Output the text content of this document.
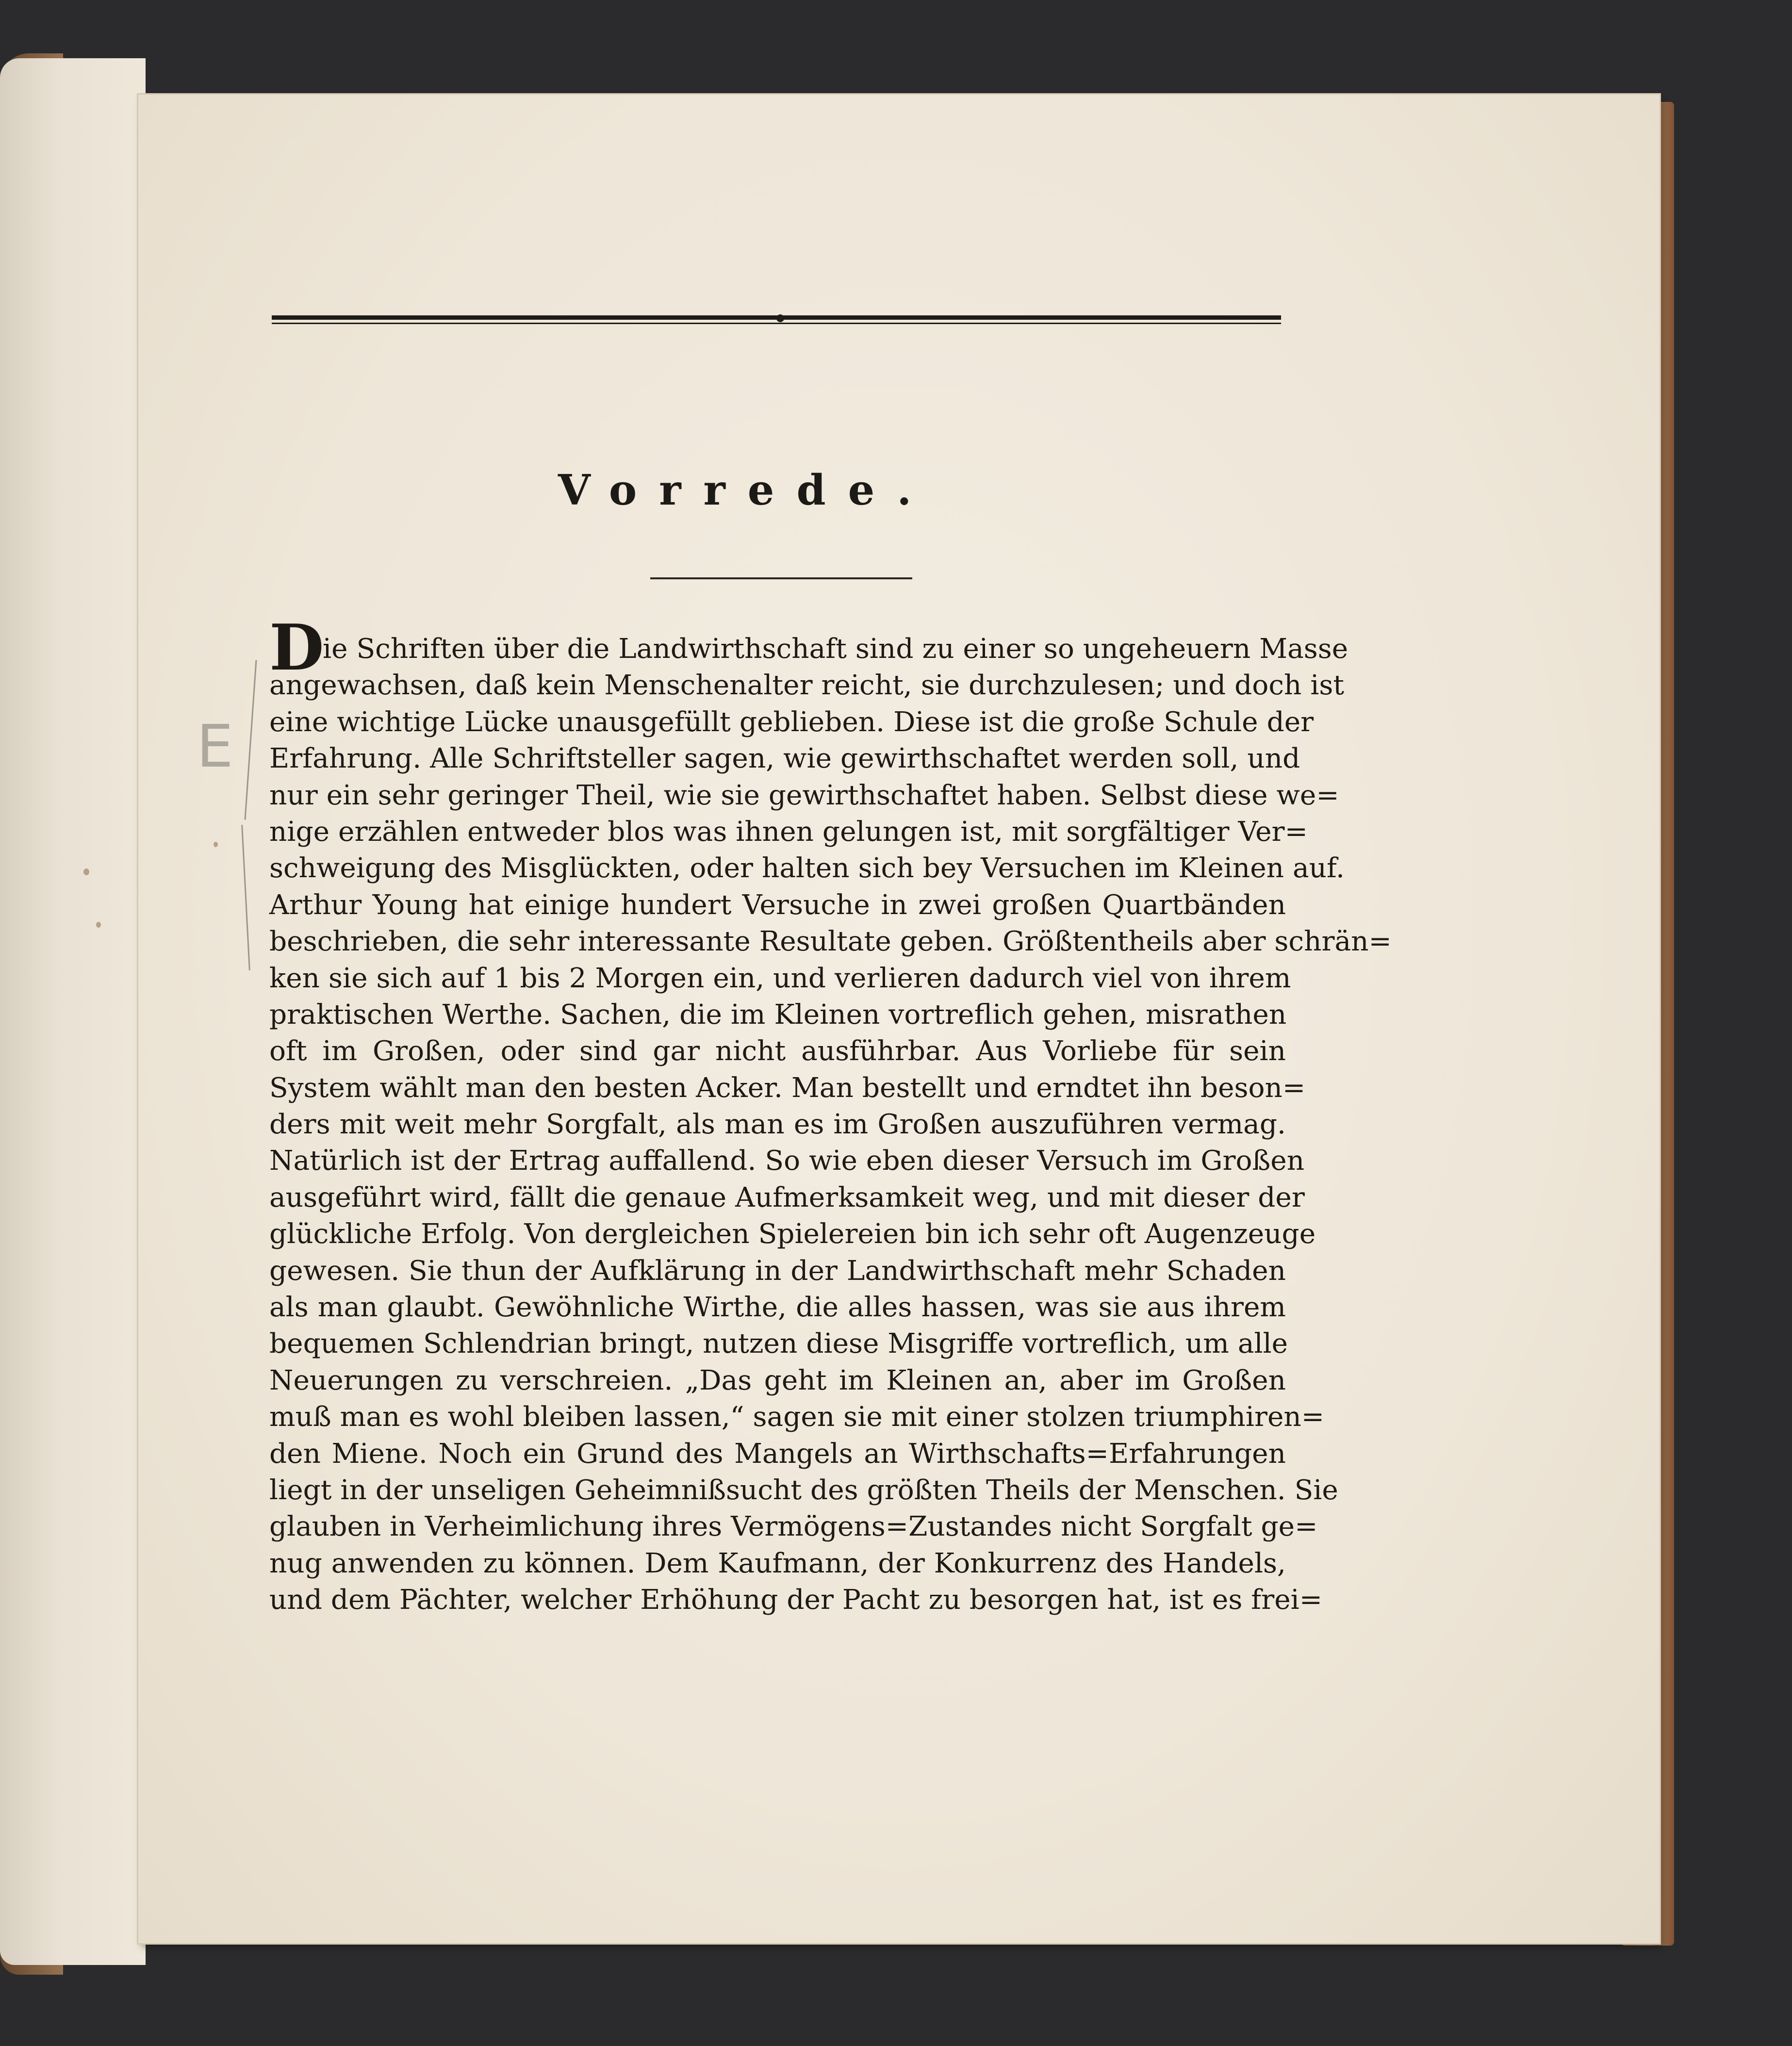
Vorrede.
D
ie Schriften über die Landwirthschaft sind zu einer so ungeheuern Masse
angewachsen, daß kein Menschenalter reicht, sie durchzulesen; und doch ist
eine wichtige Lücke unausgefüllt geblieben. Diese ist die große Schule der
Erfahrung. Alle Schriftsteller sagen, wie gewirthschaftet werden soll, und
nur ein sehr geringer Theil, wie sie gewirthschaftet haben. Selbst diese we=
nige erzählen entweder blos was ihnen gelungen ist, mit sorgfältiger Ver=
schweigung des Misglückten, oder halten sich bey Versuchen im Kleinen auf.
Arthur Young hat einige hundert Versuche in zwei großen Quartbänden
beschrieben, die sehr interessante Resultate geben. Größtentheils aber schrän=
ken sie sich auf 1 bis 2 Morgen ein, und verlieren dadurch viel von ihrem
praktischen Werthe. Sachen, die im Kleinen vortreflich gehen, misrathen
oft im Großen, oder sind gar nicht ausführbar. Aus Vorliebe für sein
System wählt man den besten Acker. Man bestellt und erndtet ihn beson=
ders mit weit mehr Sorgfalt, als man es im Großen auszuführen vermag.
Natürlich ist der Ertrag auffallend. So wie eben dieser Versuch im Großen
ausgeführt wird, fällt die genaue Aufmerksamkeit weg, und mit dieser der
glückliche Erfolg. Von dergleichen Spielereien bin ich sehr oft Augenzeuge
gewesen. Sie thun der Aufklärung in der Landwirthschaft mehr Schaden
als man glaubt. Gewöhnliche Wirthe, die alles hassen, was sie aus ihrem
bequemen Schlendrian bringt, nutzen diese Misgriffe vortreflich, um alle
Neuerungen zu verschreien. „Das geht im Kleinen an, aber im Großen
muß man es wohl bleiben lassen,“ sagen sie mit einer stolzen triumphiren=
den Miene. Noch ein Grund des Mangels an Wirthschafts=Erfahrungen
liegt in der unseligen Geheimnißsucht des größten Theils der Menschen. Sie
glauben in Verheimlichung ihres Vermögens=Zustandes nicht Sorgfalt ge=
nug anwenden zu können. Dem Kaufmann, der Konkurrenz des Handels,
und dem Pächter, welcher Erhöhung der Pacht zu besorgen hat, ist es frei=
E
